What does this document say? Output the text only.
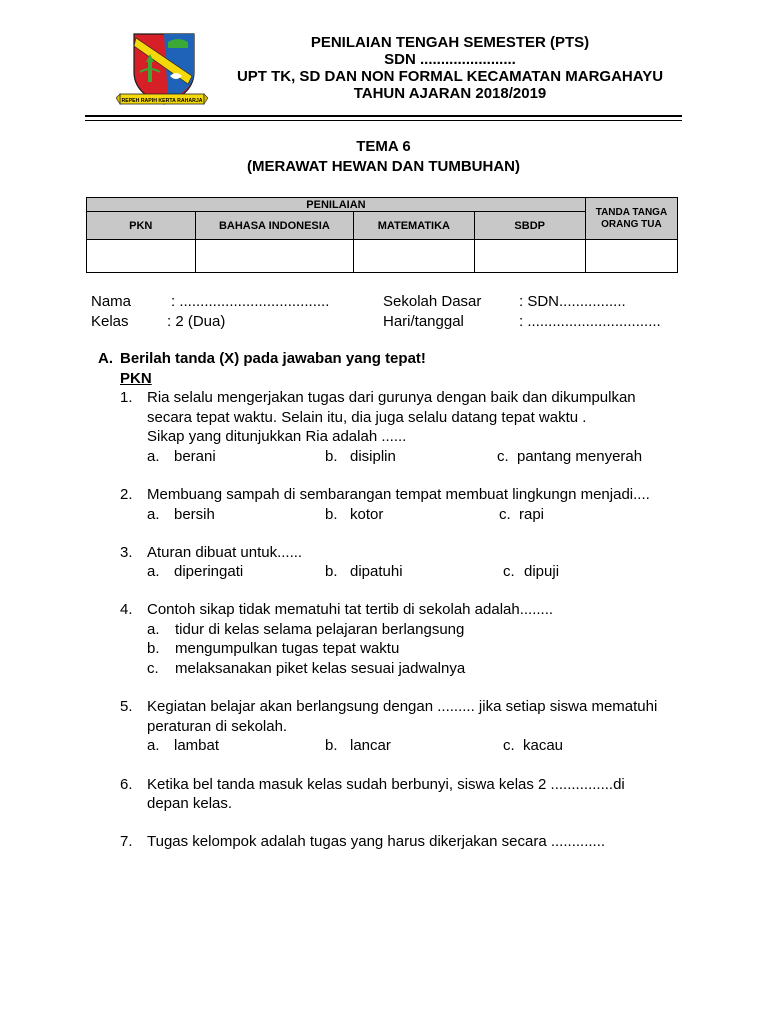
REPEH RAPIH KERTA RAHARJA
PENILAIAN TENGAH SEMESTER (PTS)
SDN .......................
UPT TK, SD DAN NON FORMAL KECAMATAN MARGAHAYU
TAHUN AJARAN 2018/2019
TEMA 6
(MERAWAT HEWAN DAN TUMBUHAN)
PENILAIAN				TANDA TANGA ORANG TUA
PKN	BAHASA INDONESIA	MATEMATIKA	SBDP	

Nama	: ....................................
Kelas	: 2 (Dua)
Sekolah Dasar	: SDN................
Hari/tanggal	: ................................
A. Berilah tanda (X) pada jawaban yang tepat!
PKN
1. Ria selalu mengerjakan tugas dari gurunya dengan baik dan dikumpulkan
secara tepat waktu. Selain itu, dia juga selalu datang tepat waktu .
Sikap yang ditunjukkan Ria adalah ......
a. berani	b. disiplin	c. pantang menyerah
2. Membuang sampah di sembarangan tempat membuat lingkungn menjadi....
a. bersih	b. kotor	c. rapi
3. Aturan dibuat untuk......
a. diperingati	b. dipatuhi	c. dipuji
4. Contoh sikap tidak mematuhi tat tertib di sekolah adalah........
a. tidur di kelas selama pelajaran berlangsung
b. mengumpulkan tugas tepat waktu
c. melaksanakan piket kelas sesuai jadwalnya
5. Kegiatan belajar akan berlangsung dengan ......... jika setiap siswa mematuhi
peraturan di sekolah.
a. lambat	b. lancar	c. kacau
6. Ketika bel tanda masuk kelas sudah berbunyi, siswa kelas 2 ...............di
depan kelas.
7. Tugas kelompok adalah tugas yang harus dikerjakan secara .............
